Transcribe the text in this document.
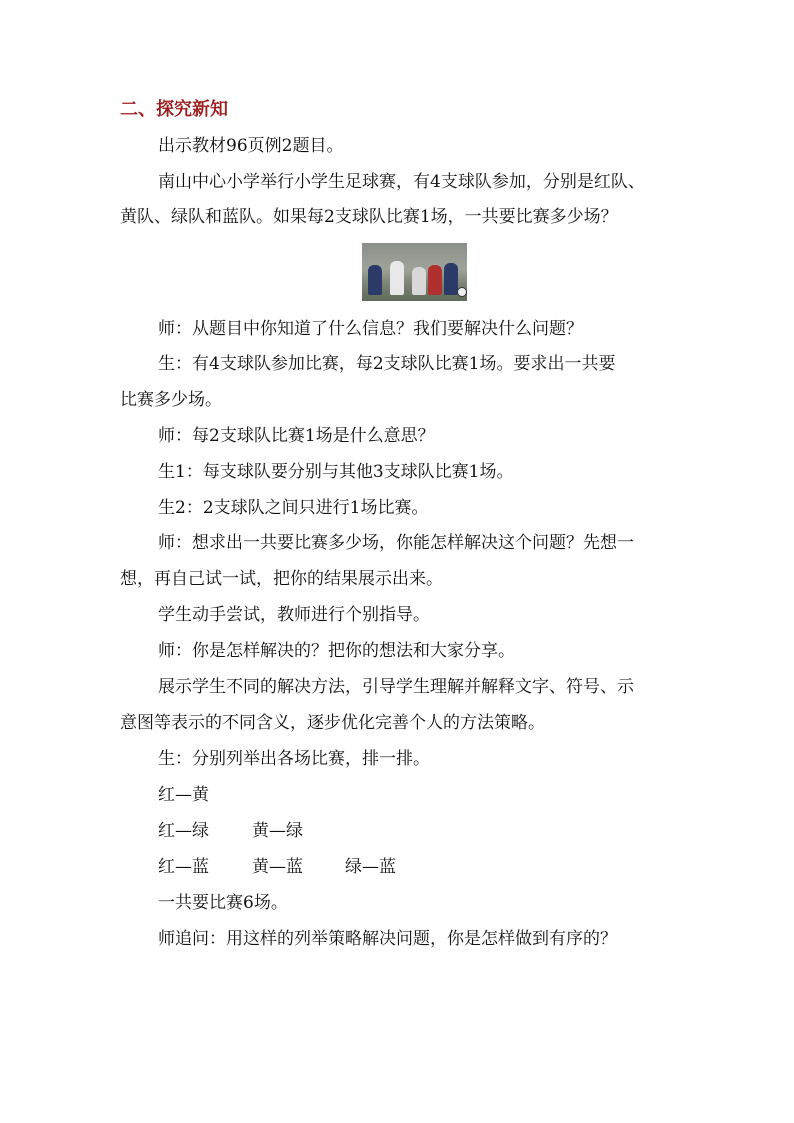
二、探究新知
出示教材96页例2题目。
南山中心小学举行小学生足球赛，有4支球队参加，分别是红队、
黄队、绿队和蓝队。如果每2支球队比赛1场，一共要比赛多少场？
师：从题目中你知道了什么信息？我们要解决什么问题？
生：有4支球队参加比赛，每2支球队比赛1场。要求出一共要
比赛多少场。
师：每2支球队比赛1场是什么意思？
生1：每支球队要分别与其他3支球队比赛1场。
生2：2支球队之间只进行1场比赛。
师：想求出一共要比赛多少场，你能怎样解决这个问题？先想一
想，再自己试一试，把你的结果展示出来。
学生动手尝试，教师进行个别指导。
师：你是怎样解决的？把你的想法和大家分享。
展示学生不同的解决方法，引导学生理解并解释文字、符号、示
意图等表示的不同含义，逐步优化完善个人的方法策略。
生：分别列举出各场比赛，排一排。
红—黄
红—绿	黄—绿
红—蓝	黄—蓝 绿—蓝
一共要比赛6场。
师追问：用这样的列举策略解决问题，你是怎样做到有序的？
